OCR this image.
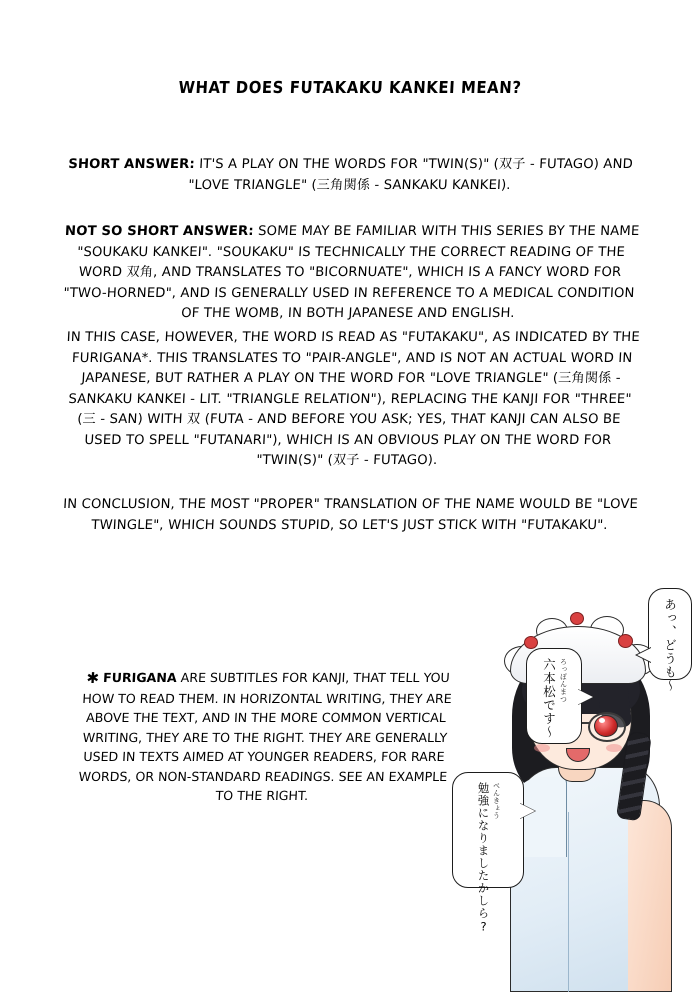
WHAT DOES FUTAKAKU KANKEI MEAN?
SHORT ANSWER: IT'S A PLAY ON THE WORDS FOR "TWIN(S)" (双子 - FUTAGO) AND "LOVE TRIANGLE" (三角関係 - SANKAKU KANKEI).
NOT SO SHORT ANSWER: SOME MAY BE FAMILIAR WITH THIS SERIES BY THE NAME "SOUKAKU KANKEI". "SOUKAKU" IS TECHNICALLY THE CORRECT READING OF THE WORD 双角, AND TRANSLATES TO "BICORNUATE", WHICH IS A FANCY WORD FOR "TWO-HORNED", AND IS GENERALLY USED IN REFERENCE TO A MEDICAL CONDITION OF THE WOMB, IN BOTH JAPANESE AND ENGLISH.
IN THIS CASE, HOWEVER, THE WORD IS READ AS "FUTAKAKU", AS INDICATED BY THE FURIGANA*. THIS TRANSLATES TO "PAIR-ANGLE", AND IS NOT AN ACTUAL WORD IN JAPANESE, BUT RATHER A PLAY ON THE WORD FOR "LOVE TRIANGLE" (三角関係 - SANKAKU KANKEI - LIT. "TRIANGLE RELATION"), REPLACING THE KANJI FOR "THREE" (三 - SAN) WITH 双 (FUTA - AND BEFORE YOU ASK; YES, THAT KANJI CAN ALSO BE USED TO SPELL "FUTANARI"), WHICH IS AN OBVIOUS PLAY ON THE WORD FOR "TWIN(S)" (双子 - FUTAGO).
IN CONCLUSION, THE MOST "PROPER" TRANSLATION OF THE NAME WOULD BE "LOVE TWINGLE", WHICH SOUNDS STUPID, SO LET'S JUST STICK WITH "FUTAKAKU".
✱ FURIGANA ARE SUBTITLES FOR KANJI, THAT TELL YOU HOW TO READ THEM. IN HORIZONTAL WRITING, THEY ARE ABOVE THE TEXT, AND IN THE MORE COMMON VERTICAL WRITING, THEY ARE TO THE RIGHT. THEY ARE GENERALLY USED IN TEXTS AIMED AT YOUNGER READERS, FOR RARE WORDS, OR NON-STANDARD READINGS. SEE AN EXAMPLE TO THE RIGHT.
あっ、どうも～
六本松です～ ろっぽんまつ
勉強になりましたかしら? べんきょう
